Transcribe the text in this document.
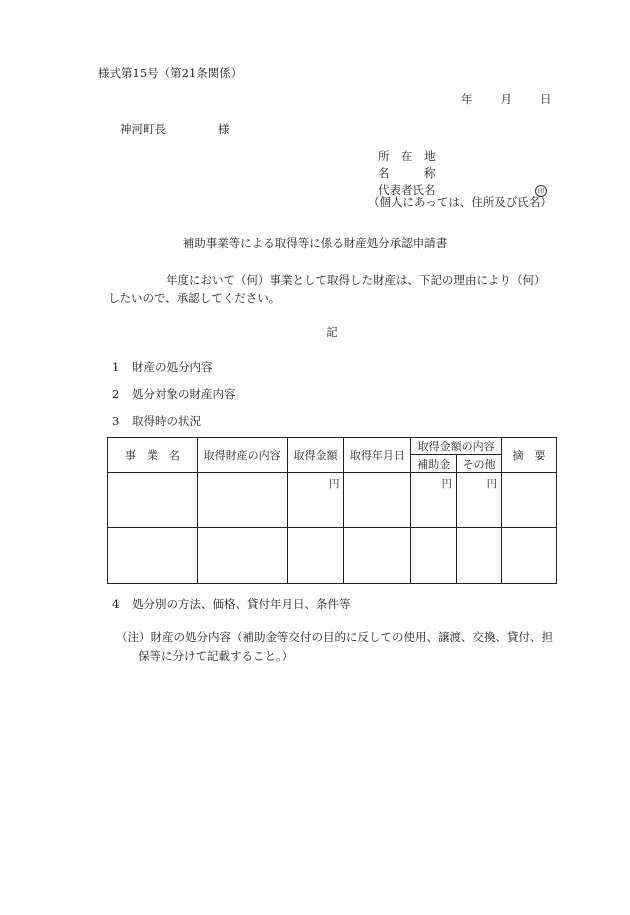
様式第15号（第21条関係）
年 月 日
神河町長	様
所　在　地
名　　　称
代表者氏名	印
（個人にあっては、住所及び氏名）
補助事業等による取得等に係る財産処分承認申請書
年度において（何）事業として取得した財産は、下記の理由により（何）したいので、承認してください。
記
1 財産の処分内容
2 処分対象の財産内容
3 取得時の状況
事　業　名	取得財産の内容	取得金額	取得年月日	取得金額の内容		摘　要
				補助金	その他	
		円		円	円	

4 処分別の方法、価格、貸付年月日、条件等
（注）財産の処分内容（補助金等交付の目的に反しての使用、譲渡、交換、貸付、担
保等に分けて記載すること。）
